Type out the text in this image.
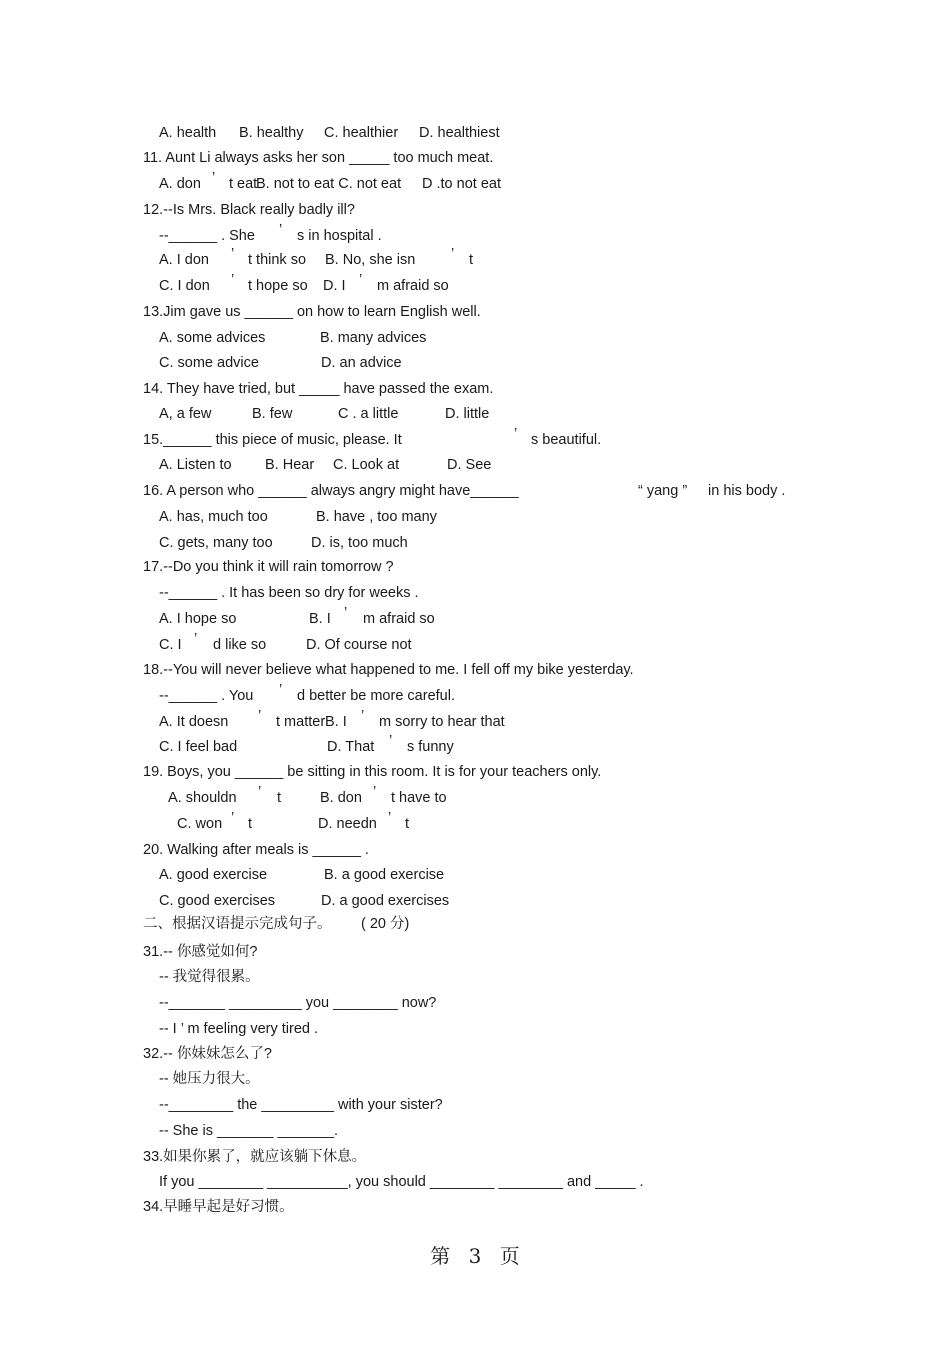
A. health B. healthy C. healthier D. healthiest
11. Aunt Li always asks her son _____ too much meat.
A. don ’ t eat
B. not to eat C. not eat D .to not eat
12.--Is Mrs. Black really badly ill?
--______ . She ’ s in hospital .
A. I don ’ t think so B. No, she isn ’ t
C. I don ’ t hope so D. I ’ m afraid so
13.Jim gave us ______ on how to learn English well.
A. some advices	B. many advices
C. some advice	D. an advice
14. They have tried, but _____ have passed the exam.
A, a few	B. few	C . a little	D. little
15.______ this piece of music, please. It	’ s beautiful.
A. Listen to B. Hear C. Look at	D. See
16. A person who ______ always angry might have______	“ yang ” in his body .
A. has, much too	B. have , too many
C. gets, many too	D. is, too much
17.--Do you think it will rain tomorrow ?
--______ . It has been so dry for weeks .
A. I hope so	B. I ’ m afraid so
C. I ’ d like so	D. Of course not
18.--You will never believe what happened to me. I fell off my bike yesterday.
--______ . You ’ d better be more careful.
A. It doesn ’ t matter B. I ’ m sorry to hear that
C. I feel bad	D. That ’ s funny
19. Boys, you ______ be sitting in this room. It is for your teachers only.
A. shouldn ’ t	B. don ’ t have to
C. won ’ t	D. needn ’ t
20. Walking after meals is ______ .
A. good exercise	B. a good exercise
C. good exercises	D. a good exercises
二、根据汉语提示完成句子。 ( 20 分)
31.-- 你感觉如何?
-- 我觉得很累。
--_______ _________ you ________ now?
-- I ’ m feeling very tired .
32.-- 你妹妹怎么了?
-- 她压力很大。
--________ the _________ with your sister?
-- She is _______ _______.
33.如果你累了，就应该躺下休息。
If you ________ __________, you should ________ ________ and _____ .
34.早睡早起是好习惯。
第 3 页
